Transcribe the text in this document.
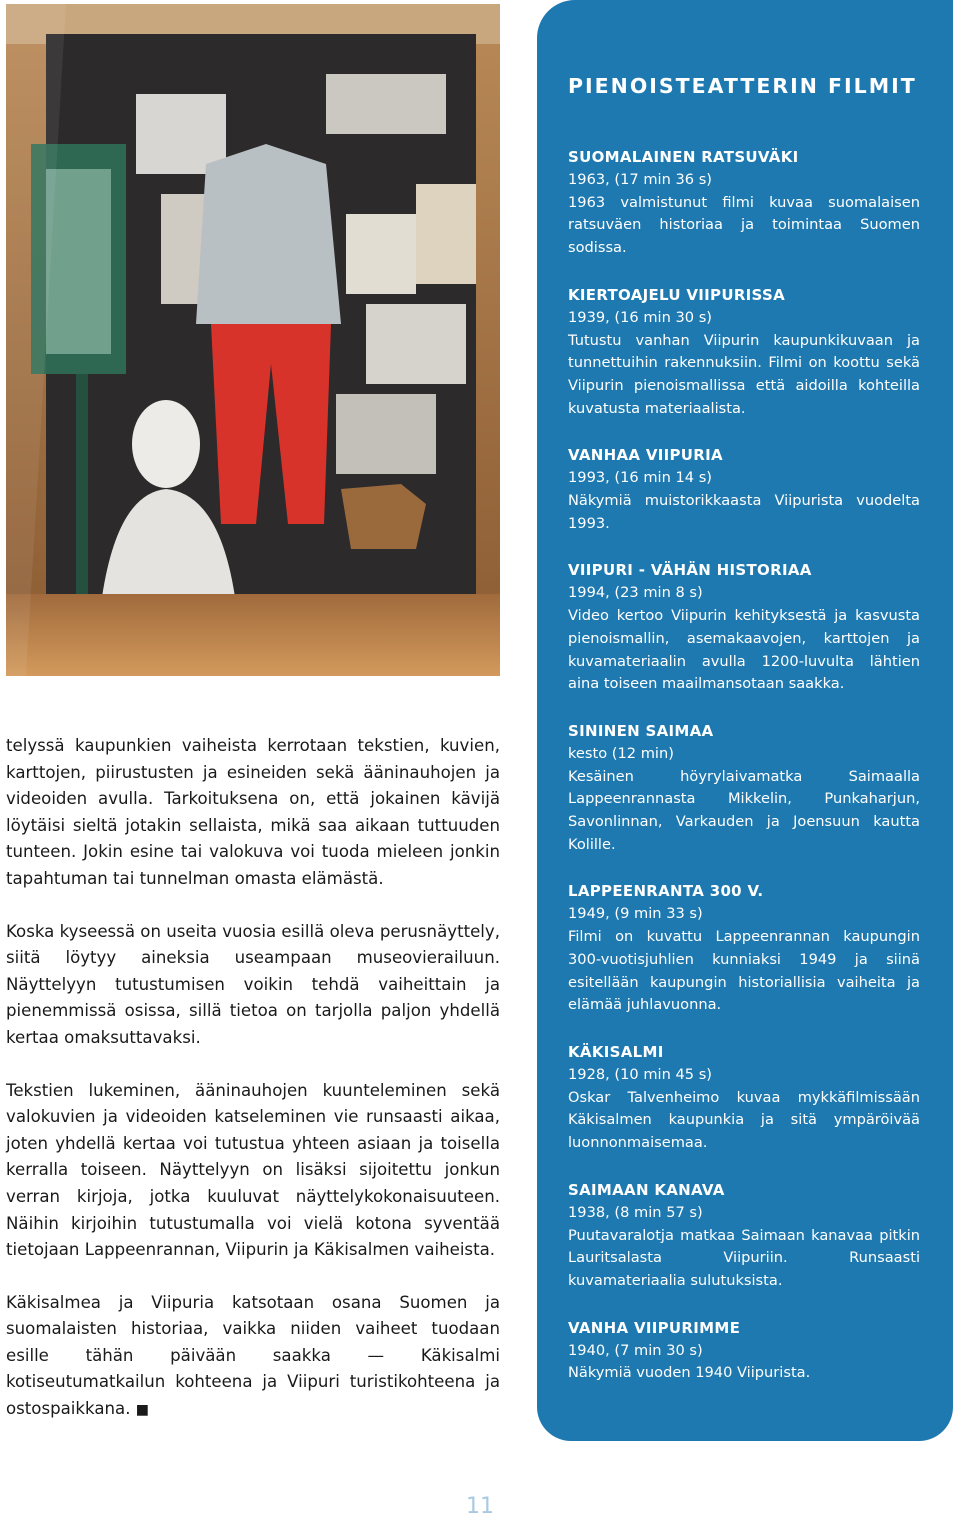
telyssä kaupunkien vaiheista kerrotaan tekstien, kuvien, karttojen, piirustusten ja esineiden sekä ääninauhojen ja videoiden avulla. Tarkoituksena on, että jokainen kävijä löytäisi sieltä jotakin sellaista, mikä saa aikaan tuttuuden tunteen. Jokin esine tai valokuva voi tuoda mieleen jonkin tapahtuman tai tunnelman omasta elämästä.

Koska kyseessä on useita vuosia esillä oleva perusnäyttely, siitä löytyy aineksia useampaan museovierailuun. Näyttelyyn tutustumisen voikin tehdä vaiheittain ja pienemmissä osissa, sillä tietoa on tarjolla paljon yhdellä kertaa omaksuttavaksi.

Tekstien lukeminen, ääninauhojen kuunteleminen sekä valokuvien ja videoiden katseleminen vie runsaasti aikaa, joten yhdellä kertaa voi tutustua yhteen asiaan ja toisella kerralla toiseen. Näyttelyyn on lisäksi sijoitettu jonkun verran kirjoja, jotka kuuluvat näyttelykokonaisuuteen. Näihin kirjoihin tutustumalla voi vielä kotona syventää tietojaan Lappeenrannan, Viipurin ja Käkisalmen vaiheista.

Käkisalmea ja Viipuria katsotaan osana Suomen ja suomalaisten historiaa, vaikka niiden vaiheet tuodaan esille tähän päivään saakka — Käkisalmi kotiseutumatkailun kohteena ja Viipuri turistikohteena ja ostospaikkana. ■

PIENOISTEATTERIN FILMIT
SUOMALAINEN RATSUVÄKI
1963, (17 min 36 s)
1963 valmistunut filmi kuvaa suomalaisen ratsuväen historiaa ja toimintaa Suomen sodissa.
KIERTOAJELU VIIPURISSA
1939, (16 min 30 s)
Tutustu vanhan Viipurin kaupunkikuvaan ja tunnettuihin rakennuksiin. Filmi on koottu sekä Viipurin pienoismallissa että aidoilla kohteilla kuvatusta materiaalista.
VANHAA VIIPURIA
1993, (16 min 14 s)
Näkymiä muistorikkaasta Viipurista vuodelta 1993.
VIIPURI - VÄHÄN HISTORIAA
1994, (23 min 8 s)
Video kertoo Viipurin kehityksestä ja kasvusta pienoismallin, asemakaavojen, karttojen ja kuvamateriaalin avulla 1200-luvulta lähtien aina toiseen maailmansotaan saakka.
SININEN SAIMAA
kesto (12 min)
Kesäinen höyrylaivamatka Saimaalla Lappeenrannasta Mikkelin, Punkaharjun, Savonlinnan, Varkauden ja Joensuun kautta Kolille.
LAPPEENRANTA 300 V.
1949, (9 min 33 s)
Filmi on kuvattu Lappeenrannan kaupungin 300-vuotisjuhlien kunniaksi 1949 ja siinä esitellään kaupungin historiallisia vaiheita ja elämää juhlavuonna.
KÄKISALMI
1928, (10 min 45 s)
Oskar Talvenheimo kuvaa mykkäfilmissään Käkisalmen kaupunkia ja sitä ympäröivää luonnonmaisemaa.
SAIMAAN KANAVA
1938, (8 min 57 s)
Puutavaralotja matkaa Saimaan kanavaa pitkin Lauritsalasta Viipuriin. Runsaasti kuvamateriaalia sulutuksista.
VANHA VIIPURIMME
1940, (7 min 30 s)
Näkymiä vuoden 1940 Viipurista.
11
